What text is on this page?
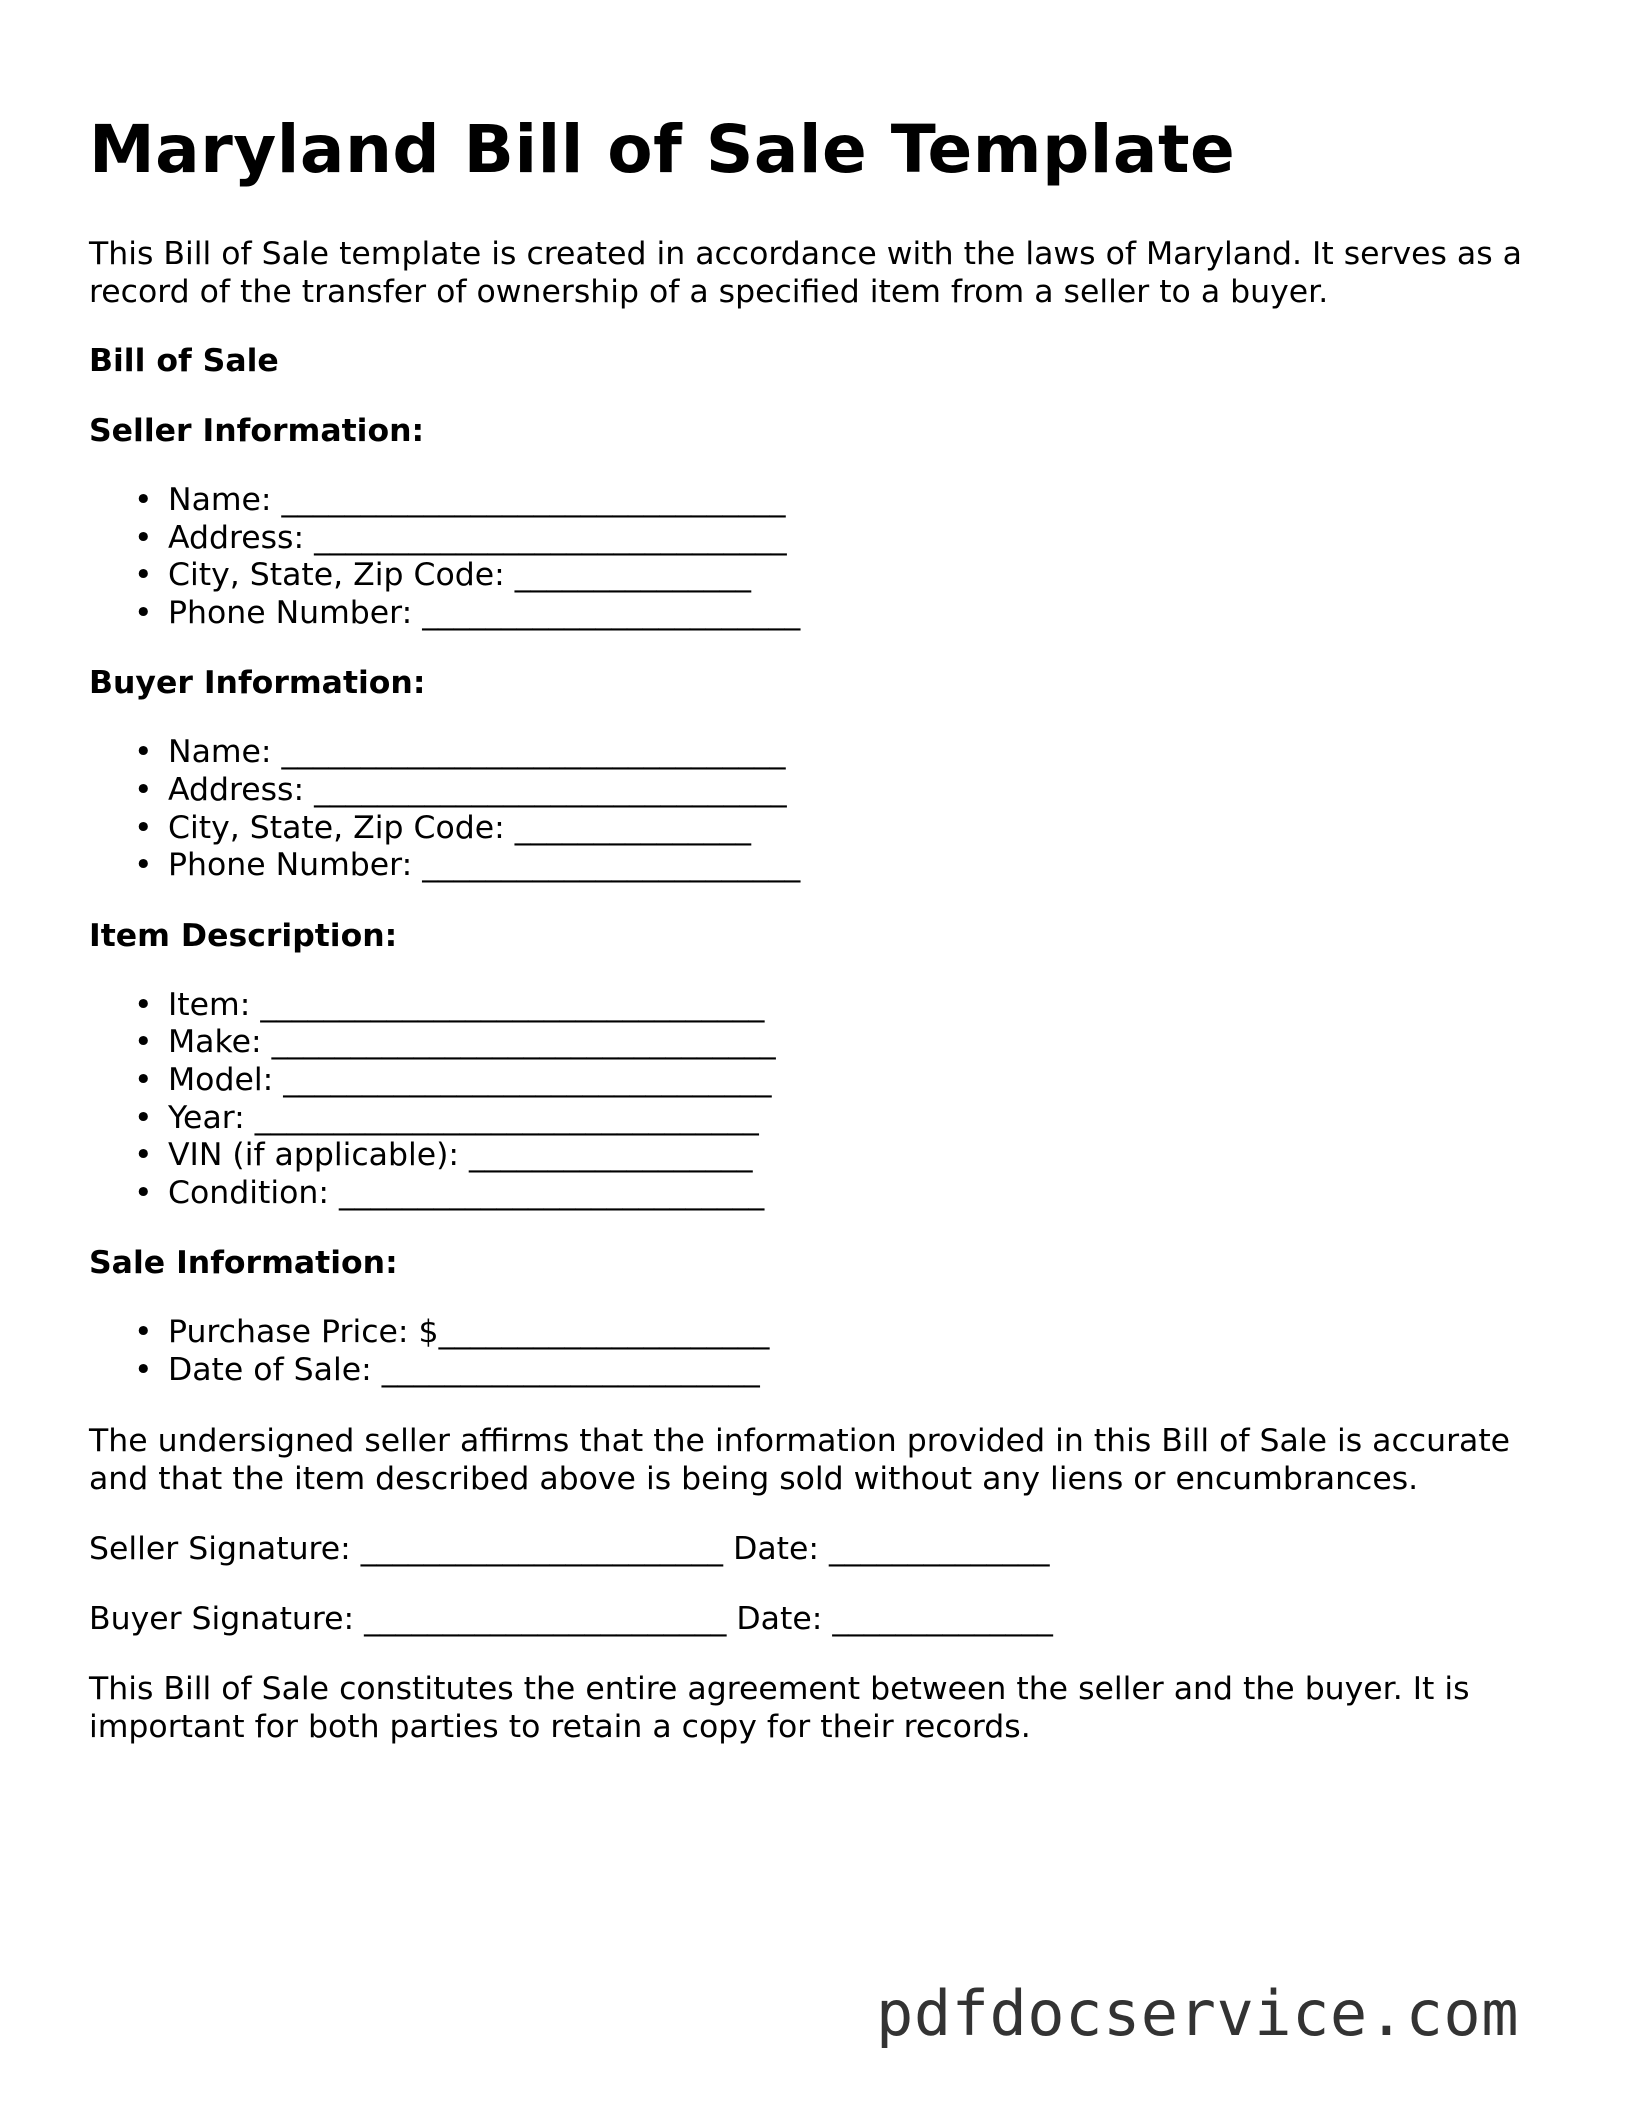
Maryland Bill of Sale Template

This Bill of Sale template is created in accordance with the laws of Maryland. It serves as a record of the transfer of ownership of a specified item from a seller to a buyer.

Bill of Sale
Seller Information:
• Name: ________________________________
• Address: ______________________________
• City, State, Zip Code: _______________
• Phone Number: ________________________
Buyer Information:
• Name: ________________________________
• Address: ______________________________
• City, State, Zip Code: _______________
• Phone Number: ________________________
Item Description:
• Item: ________________________________
• Make: ________________________________
• Model: _______________________________
• Year: ________________________________
• VIN (if applicable): __________________
• Condition: ___________________________
Sale Information:
• Purchase Price: $_____________________
• Date of Sale: ________________________

The undersigned seller affirms that the information provided in this Bill of Sale is accurate and that the item described above is being sold without any liens or encumbrances.

Seller Signature: _______________________ Date: ______________

Buyer Signature: _______________________ Date: ______________

This Bill of Sale constitutes the entire agreement between the seller and the buyer. It is important for both parties to retain a copy for their records.

pdfdocservice.com
